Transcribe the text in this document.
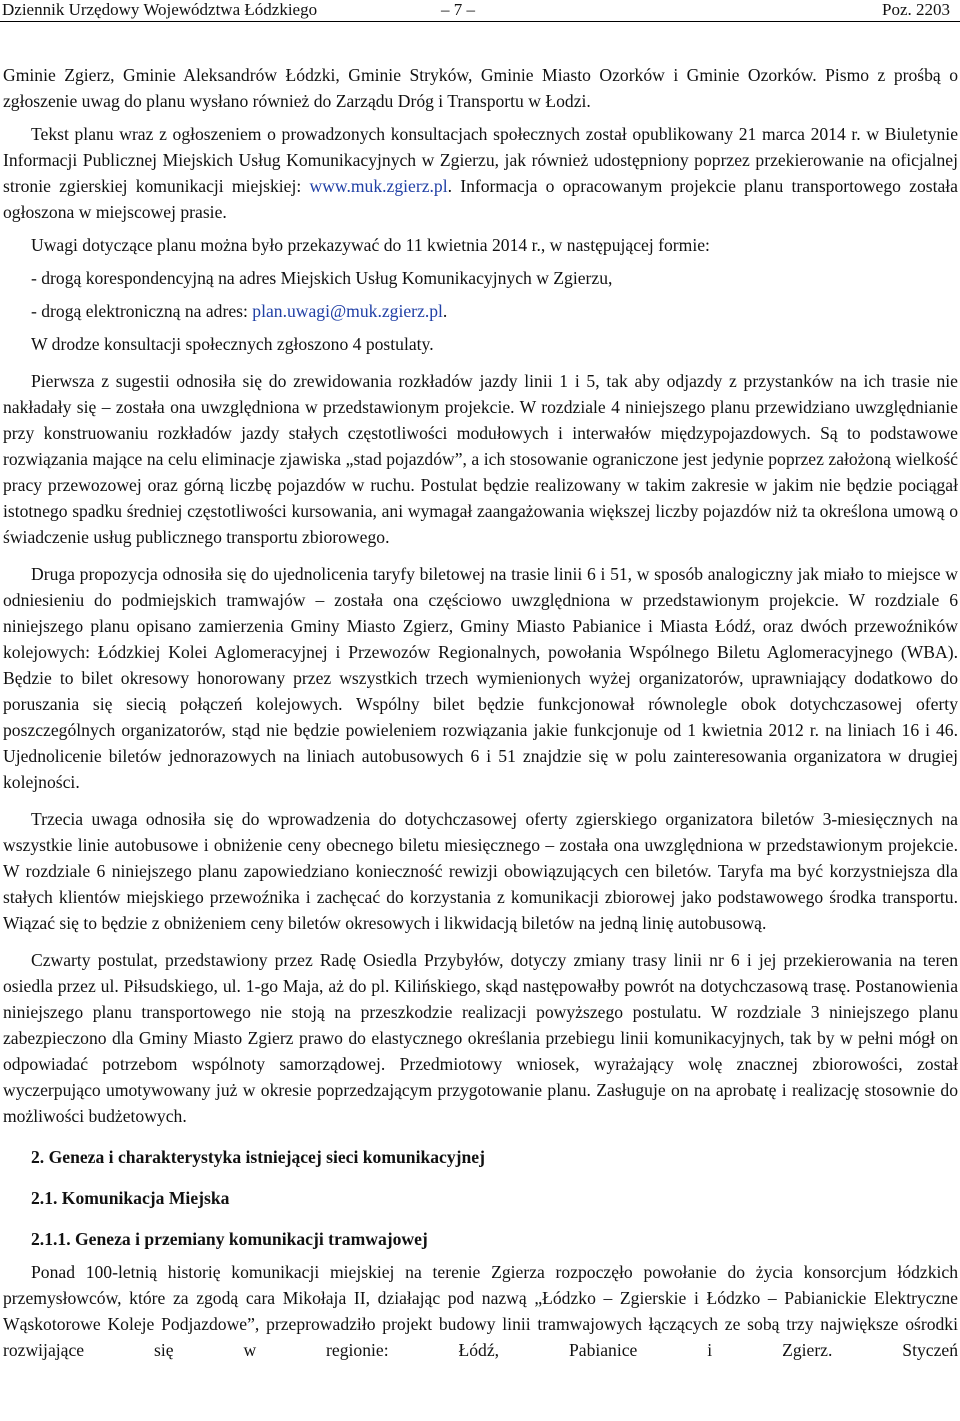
Dziennik Urzędowy Województwa Łódzkiego	– 7 –	Poz. 2203

Gminie Zgierz, Gminie Aleksandrów Łódzki, Gminie Stryków, Gminie Miasto Ozorków i Gminie Ozorków. Pismo z prośbą o zgłoszenie uwag do planu wysłano również do Zarządu Dróg i Transportu w Łodzi.

Tekst planu wraz z ogłoszeniem o prowadzonych konsultacjach społecznych został opublikowany 21 marca 2014 r. w Biuletynie Informacji Publicznej Miejskich Usług Komunikacyjnych w Zgierzu, jak również udostępniony poprzez przekierowanie na oficjalnej stronie zgierskiej komunikacji miejskiej: www.muk.zgierz.pl. Informacja o opracowanym projekcie planu transportowego została ogłoszona w miejscowej prasie.

Uwagi dotyczące planu można było przekazywać do 11 kwietnia 2014 r., w następującej formie:

- drogą korespondencyjną na adres Miejskich Usług Komunikacyjnych w Zgierzu,

- drogą elektroniczną na adres: plan.uwagi@muk.zgierz.pl.

W drodze konsultacji społecznych zgłoszono 4 postulaty.

Pierwsza z sugestii odnosiła się do zrewidowania rozkładów jazdy linii 1 i 5, tak aby odjazdy z przystanków na ich trasie nie nakładały się – została ona uwzględniona w przedstawionym projekcie. W rozdziale 4 niniejszego planu przewidziano uwzględnianie przy konstruowaniu rozkładów jazdy stałych częstotliwości modułowych i interwałów międzypojazdowych. Są to podstawowe rozwiązania mające na celu eliminacje zjawiska „stad pojazdów”, a ich stosowanie ograniczone jest jedynie poprzez założoną wielkość pracy przewozowej oraz górną liczbę pojazdów w ruchu. Postulat będzie realizowany w takim zakresie w jakim nie będzie pociągał istotnego spadku średniej częstotliwości kursowania, ani wymagał zaangażowania większej liczby pojazdów niż ta określona umową o świadczenie usług publicznego transportu zbiorowego.

Druga propozycja odnosiła się do ujednolicenia taryfy biletowej na trasie linii 6 i 51, w sposób analogiczny jak miało to miejsce w odniesieniu do podmiejskich tramwajów – została ona częściowo uwzględniona w przedstawionym projekcie. W rozdziale 6 niniejszego planu opisano zamierzenia Gminy Miasto Zgierz, Gminy Miasto Pabianice i Miasta Łódź, oraz dwóch przewoźników kolejowych: Łódzkiej Kolei Aglomeracyjnej i Przewozów Regionalnych, powołania Wspólnego Biletu Aglomeracyjnego (WBA). Będzie to bilet okresowy honorowany przez wszystkich trzech wymienionych wyżej organizatorów, uprawniający dodatkowo do poruszania się siecią połączeń kolejowych. Wspólny bilet będzie funkcjonował równolegle obok dotychczasowej oferty poszczególnych organizatorów, stąd nie będzie powieleniem rozwiązania jakie funkcjonuje od 1 kwietnia 2012 r. na liniach 16 i 46. Ujednolicenie biletów jednorazowych na liniach autobusowych 6 i 51 znajdzie się w polu zainteresowania organizatora w drugiej kolejności.

Trzecia uwaga odnosiła się do wprowadzenia do dotychczasowej oferty zgierskiego organizatora biletów 3-miesięcznych na wszystkie linie autobusowe i obniżenie ceny obecnego biletu miesięcznego – została ona uwzględniona w przedstawionym projekcie. W rozdziale 6 niniejszego planu zapowiedziano konieczność rewizji obowiązujących cen biletów. Taryfa ma być korzystniejsza dla stałych klientów miejskiego przewoźnika i zachęcać do korzystania z komunikacji zbiorowej jako podstawowego środka transportu. Wiązać się to będzie z obniżeniem ceny biletów okresowych i likwidacją biletów na jedną linię autobusową.

Czwarty postulat, przedstawiony przez Radę Osiedla Przybyłów, dotyczy zmiany trasy linii nr 6 i jej przekierowania na teren osiedla przez ul. Piłsudskiego, ul. 1-go Maja, aż do pl. Kilińskiego, skąd następowałby powrót na dotychczasową trasę. Postanowienia niniejszego planu transportowego nie stoją na przeszkodzie realizacji powyższego postulatu. W rozdziale 3 niniejszego planu zabezpieczono dla Gminy Miasto Zgierz prawo do elastycznego określania przebiegu linii komunikacyjnych, tak by w pełni mógł on odpowiadać potrzebom wspólnoty samorządowej. Przedmiotowy wniosek, wyrażający wolę znacznej zbiorowości, został wyczerpująco umotywowany już w okresie poprzedzającym przygotowanie planu. Zasługuje on na aprobatę i realizację stosownie do możliwości budżetowych.

2. Geneza i charakterystyka istniejącej sieci komunikacyjnej

2.1. Komunikacja Miejska

2.1.1. Geneza i przemiany komunikacji tramwajowej

Ponad 100-letnią historię komunikacji miejskiej na terenie Zgierza rozpoczęło powołanie do życia konsorcjum łódzkich przemysłowców, które za zgodą cara Mikołaja II, działając pod nazwą „Łódzko – Zgierskie i Łódzko – Pabianickie Elektryczne Wąskotorowe Koleje Podjazdowe”, przeprowadziło projekt budowy linii tramwajowych łączących ze sobą trzy największe ośrodki rozwijające się w regionie: Łódź, Pabianice i Zgierz. Styczeń
